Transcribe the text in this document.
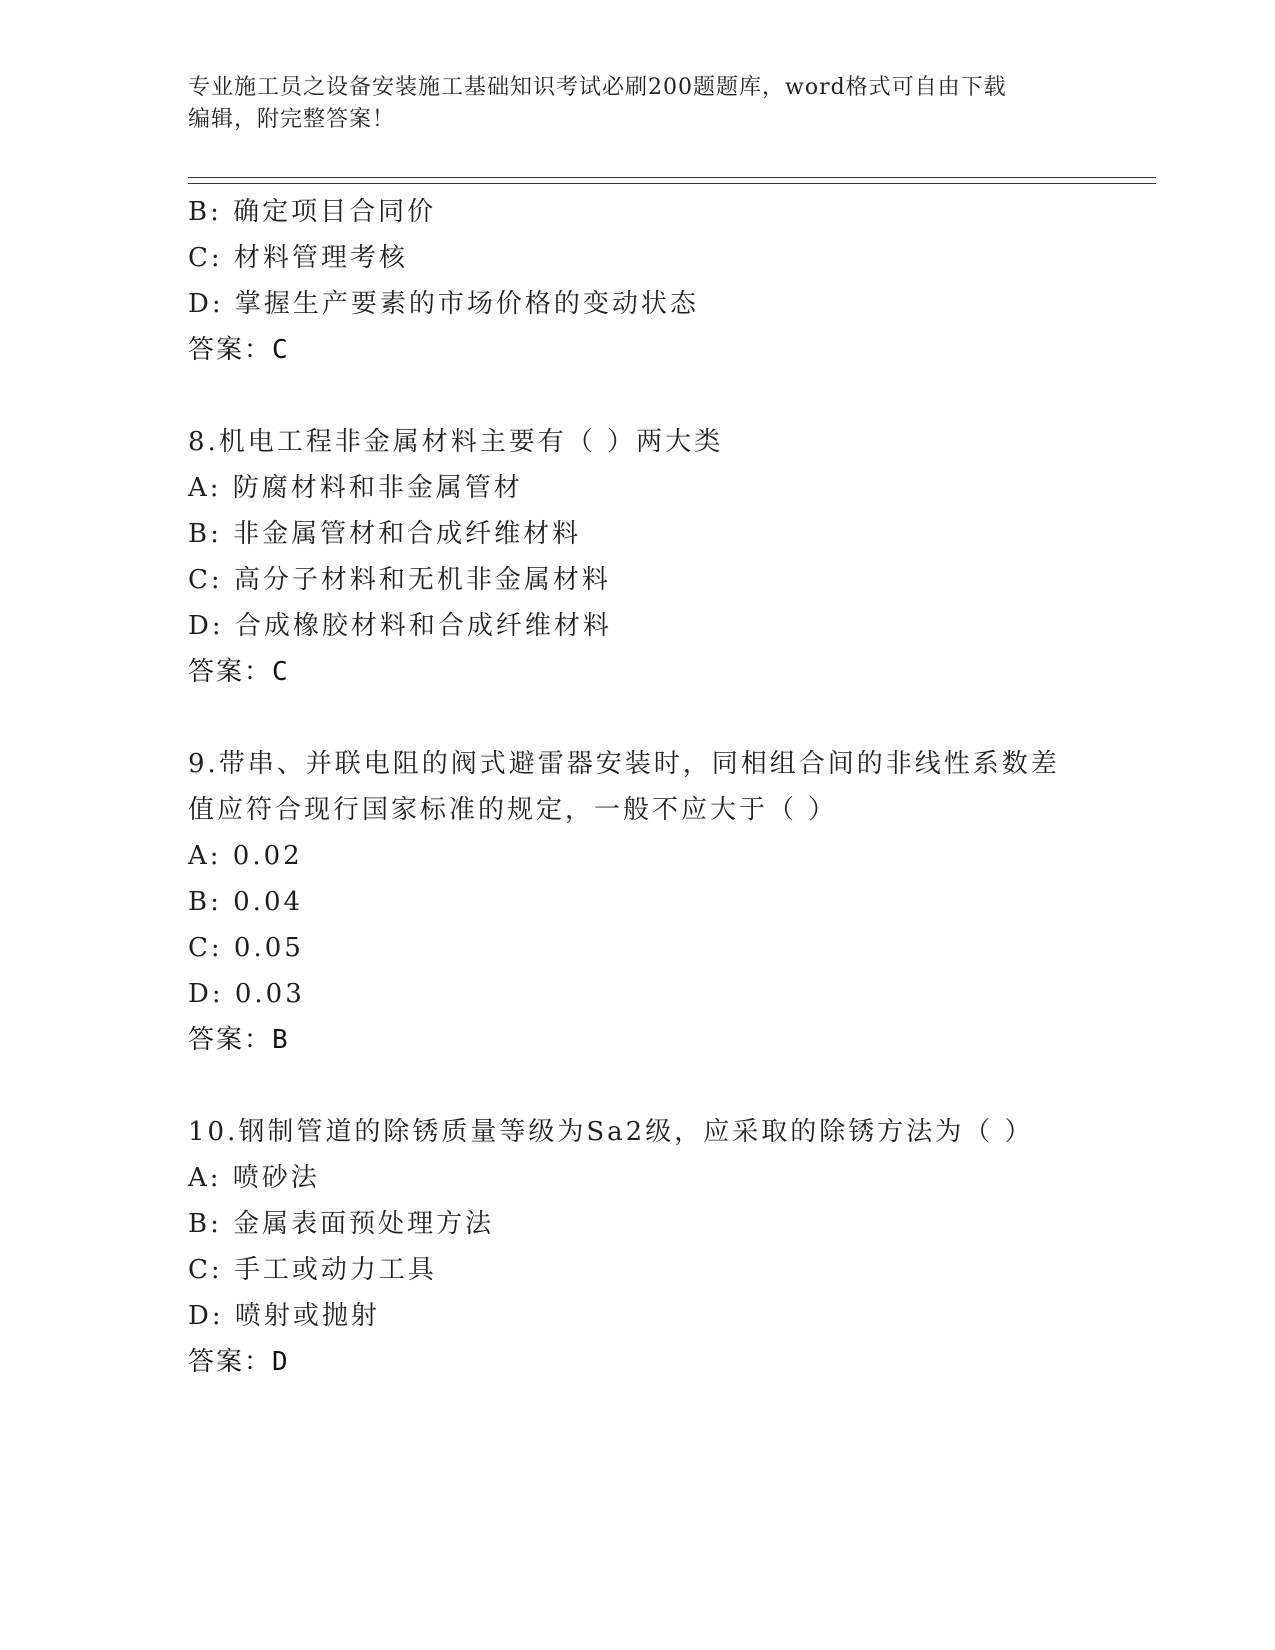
专业施工员之设备安装施工基础知识考试必刷200题题库，word格式可自由下载
编辑，附完整答案！
B: 确定项目合同价
C: 材料管理考核
D: 掌握生产要素的市场价格的变动状态
答案：C
8.机电工程非金属材料主要有（ ）两大类
A: 防腐材料和非金属管材
B: 非金属管材和合成纤维材料
C: 高分子材料和无机非金属材料
D: 合成橡胶材料和合成纤维材料
答案：C
9.带串、并联电阻的阀式避雷器安装时，同相组合间的非线性系数差
值应符合现行国家标准的规定，一般不应大于（ ）
A: 0.02
B: 0.04
C: 0.05
D: 0.03
答案：B
10.钢制管道的除锈质量等级为Sa2级，应采取的除锈方法为（ ）
A: 喷砂法
B: 金属表面预处理方法
C: 手工或动力工具
D: 喷射或抛射
答案：D
